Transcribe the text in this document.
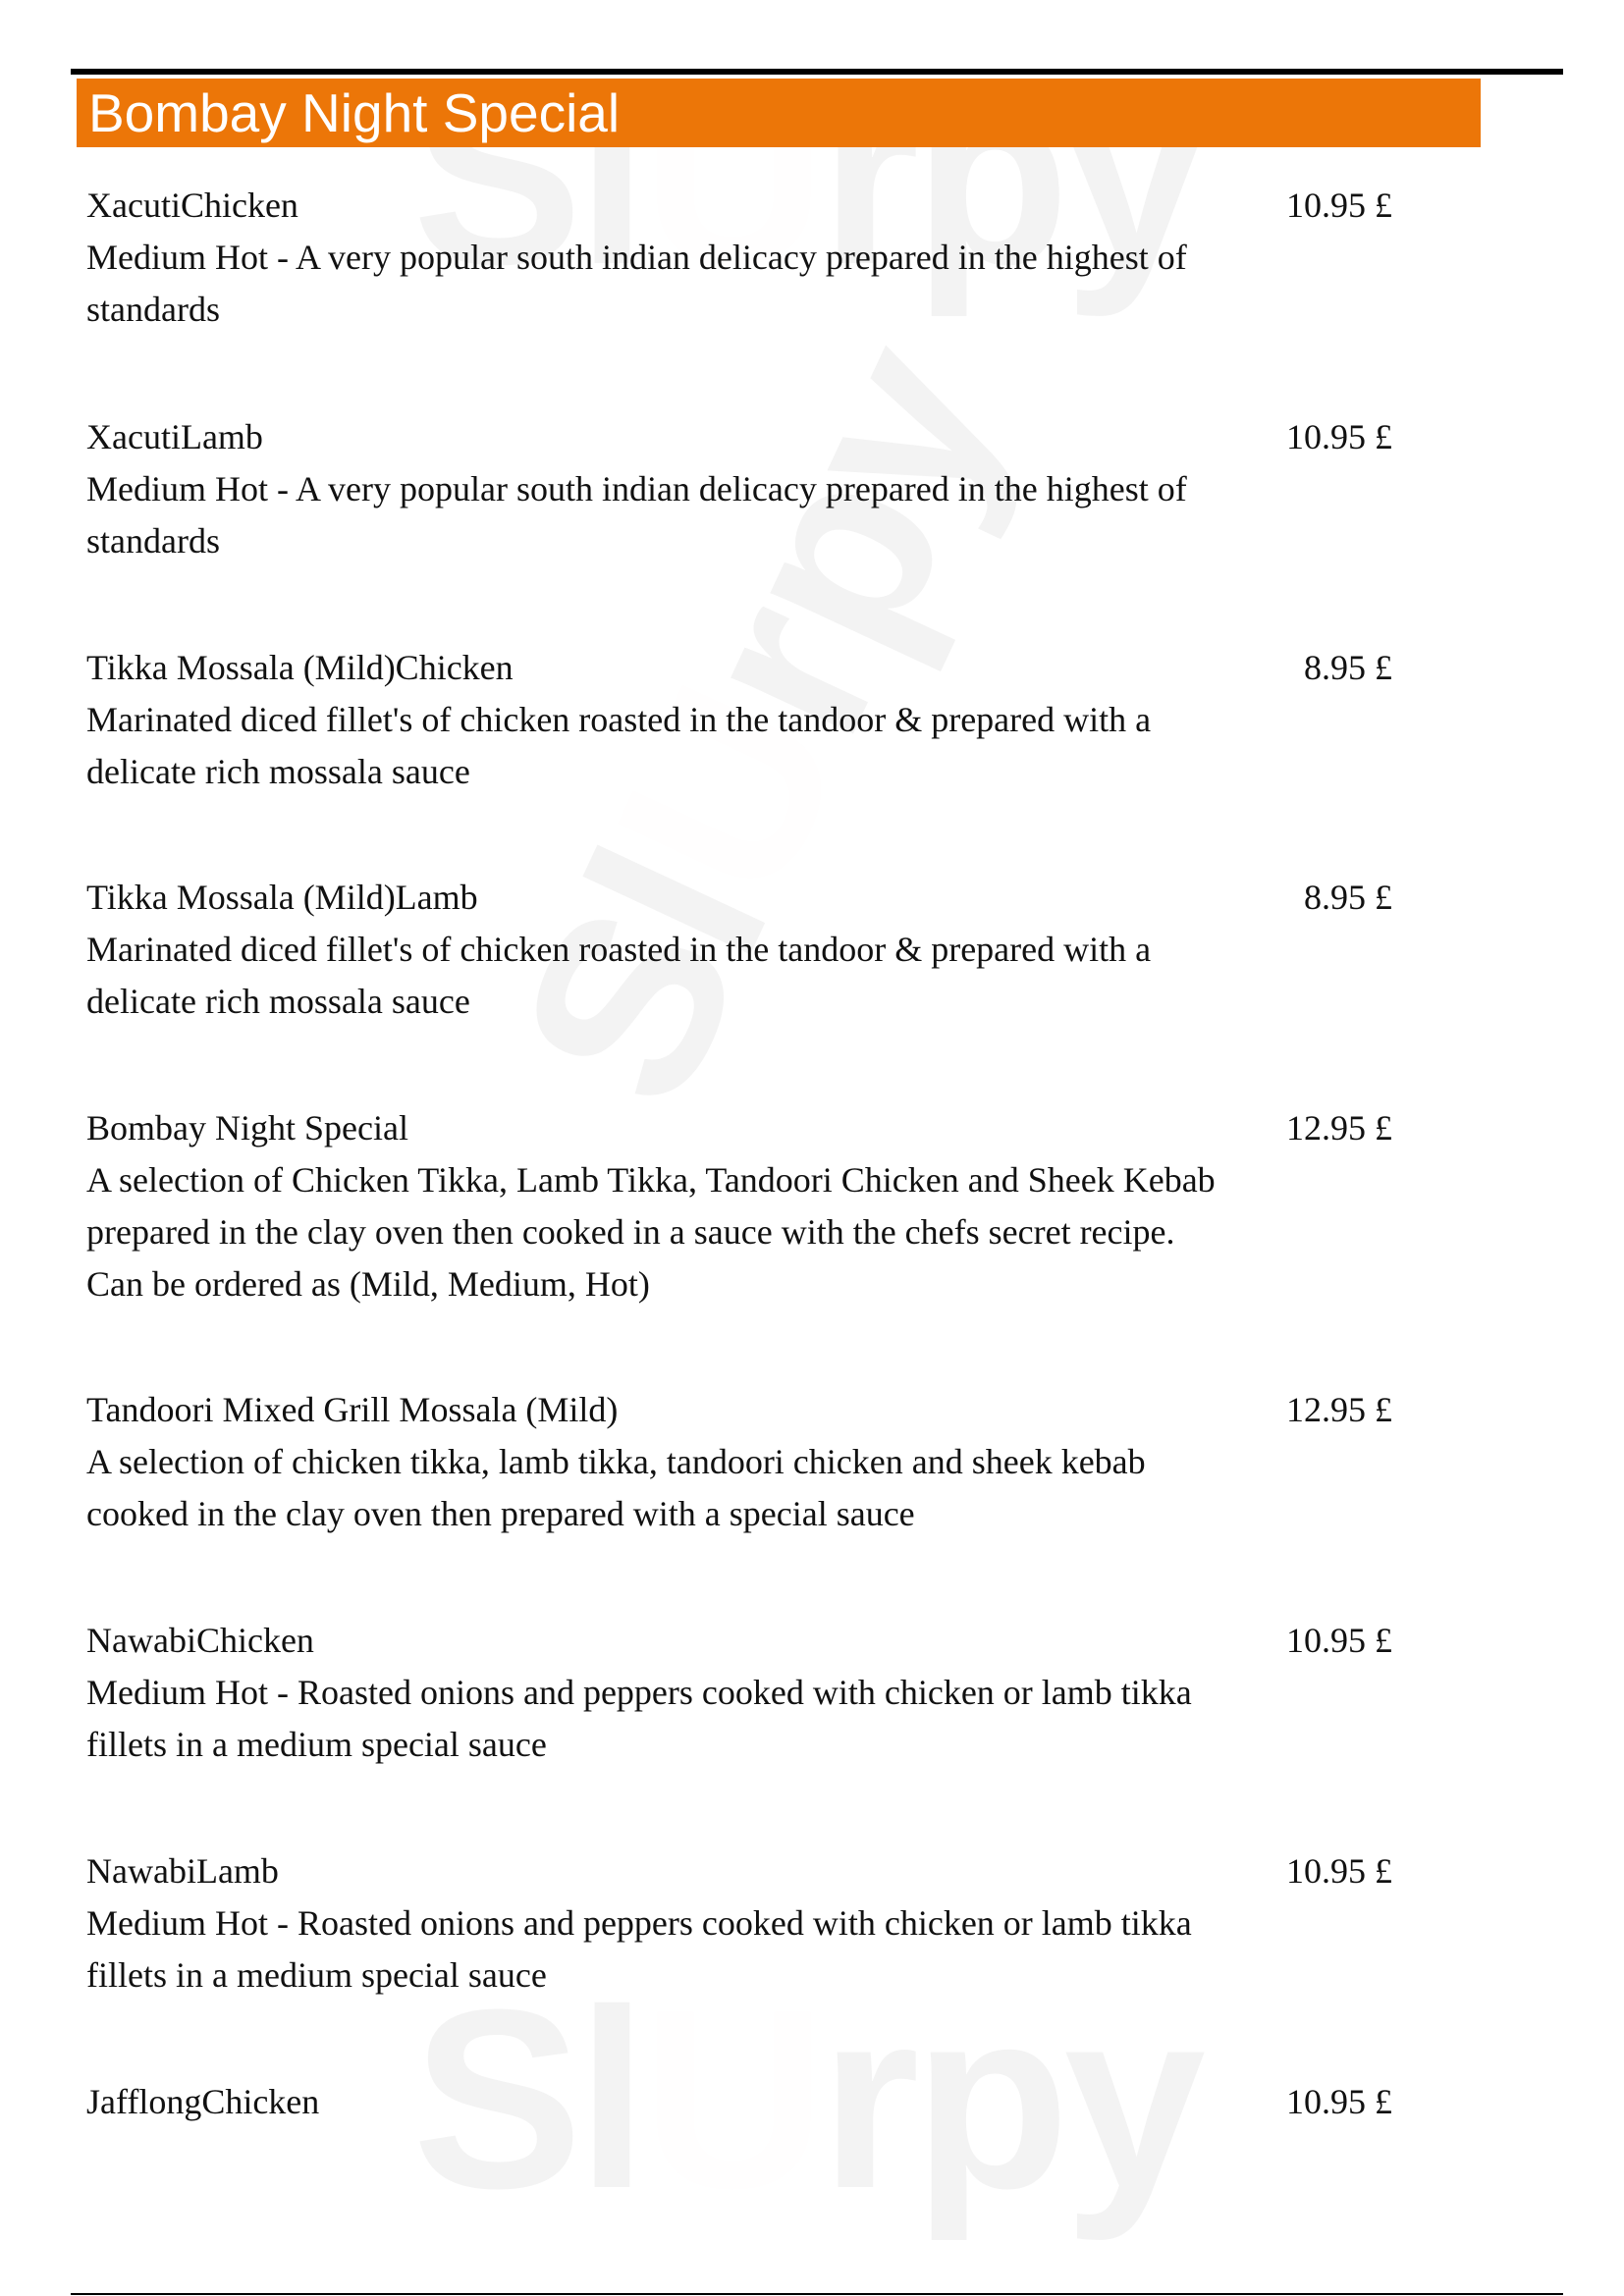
Bombay Night Special
XacutiChicken
Medium Hot - A very popular south indian delicacy prepared in the highest of standards
10.95 £
XacutiLamb
Medium Hot - A very popular south indian delicacy prepared in the highest of standards
10.95 £
Tikka Mossala (Mild)Chicken
Marinated diced fillet's of chicken roasted in the tandoor & prepared with a delicate rich mossala sauce
8.95 £
Tikka Mossala (Mild)Lamb
Marinated diced fillet's of chicken roasted in the tandoor & prepared with a delicate rich mossala sauce
8.95 £
Bombay Night Special
A selection of Chicken Tikka, Lamb Tikka, Tandoori Chicken and Sheek Kebab prepared in the clay oven then cooked in a sauce with the chefs secret recipe. Can be ordered as (Mild, Medium, Hot)
12.95 £
Tandoori Mixed Grill Mossala (Mild)
A selection of chicken tikka, lamb tikka, tandoori chicken and sheek kebab cooked in the clay oven then prepared with a special sauce
12.95 £
NawabiChicken
Medium Hot - Roasted onions and peppers cooked with chicken or lamb tikka fillets in a medium special sauce
10.95 £
NawabiLamb
Medium Hot - Roasted onions and peppers cooked with chicken or lamb tikka fillets in a medium special sauce
10.95 £
JafflongChicken	10.95 £
